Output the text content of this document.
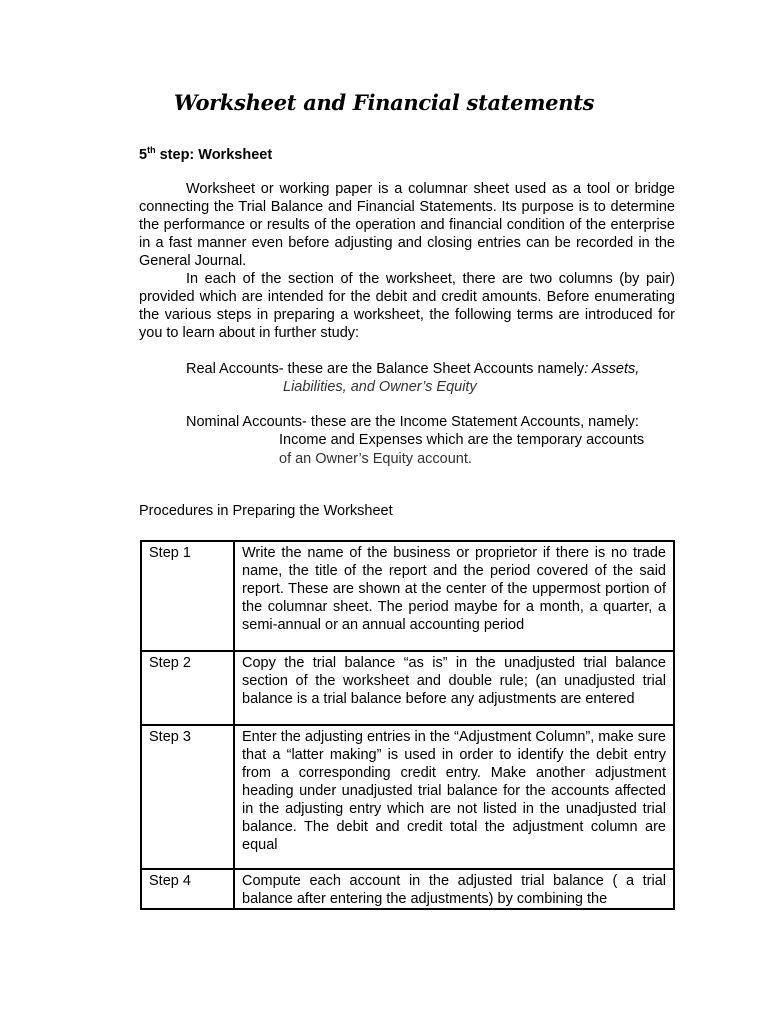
Worksheet and Financial statements
5th step: Worksheet

Worksheet or working paper is a columnar sheet used as a tool or bridge connecting the Trial Balance and Financial Statements. Its purpose is to determine the performance or results of the operation and financial condition of the enterprise in a fast manner even before adjusting and closing entries can be recorded in the General Journal.

In each of the section of the worksheet, there are two columns (by pair) provided which are intended for the debit and credit amounts. Before enumerating the various steps in preparing a worksheet, the following terms are introduced for you to learn about in further study:

Real Accounts- these are the Balance Sheet Accounts namely: Assets,
Liabilities, and Owner’s Equity
Nominal Accounts- these are the Income Statement Accounts, namely:
Income and Expenses which are the temporary accounts
of an Owner’s Equity account.
Procedures in Preparing the Worksheet
Step 1	Write the name of the business or proprietor if there is no trade name, the title of the report and the period covered of the said report. These are shown at the center of the uppermost portion of the columnar sheet. The period maybe for a month, a quarter, a semi-annual or an annual accounting period
Step 2	Copy the trial balance “as is” in the unadjusted trial balance section of the worksheet and double rule; (an unadjusted trial balance is a trial balance before any adjustments are entered
Step 3	Enter the adjusting entries in the “Adjustment Column”, make sure that a “latter making” is used in order to identify the debit entry from a corresponding credit entry. Make another adjustment heading under unadjusted trial balance for the accounts affected in the adjusting entry which are not listed in the unadjusted trial balance. The debit and credit total the adjustment column are equal
Step 4	Compute each account in the adjusted trial balance ( a trial balance after entering the adjustments) by combining the
